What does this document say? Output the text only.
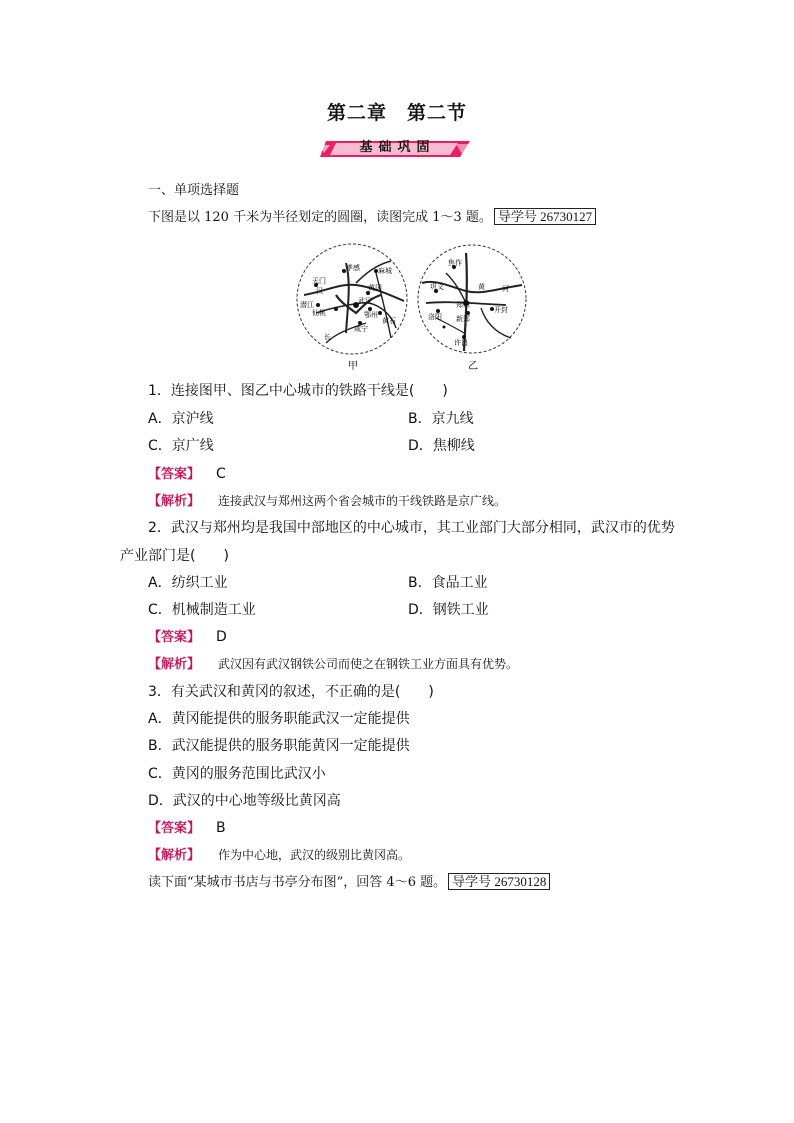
第二章　第二节
基础巩固
一、单项选择题
下图是以 120 千米为半径划定的圆圈，读图完成 1～3 题。 导学号 26730127
孝感	麻城
天门
汉
潜江
仙桃
黄冈
武汉
鄂州
黄石
咸宁
长
焦作
巩义	黄 河
洛阳
郑州
新郑
开封
许昌
甲	乙
1．连接图甲、图乙中心城市的铁路干线是(　　)
A．京沪线	B．京九线
C．京广线	D．焦柳线
【答案】 C
【解析】 连接武汉与郑州这两个省会城市的干线铁路是京广线。
2．武汉与郑州均是我国中部地区的中心城市，其工业部门大部分相同，武汉市的优势
产业部门是(　　)
A．纺织工业	B．食品工业
C．机械制造工业	D．钢铁工业
【答案】 D
【解析】 武汉因有武汉钢铁公司而使之在钢铁工业方面具有优势。
3．有关武汉和黄冈的叙述，不正确的是(　　)
A．黄冈能提供的服务职能武汉一定能提供
B．武汉能提供的服务职能黄冈一定能提供
C．黄冈的服务范围比武汉小
D．武汉的中心地等级比黄冈高
【答案】 B
【解析】 作为中心地，武汉的级别比黄冈高。
读下面“某城市书店与书亭分布图”，回答 4～6 题。 导学号 26730128
